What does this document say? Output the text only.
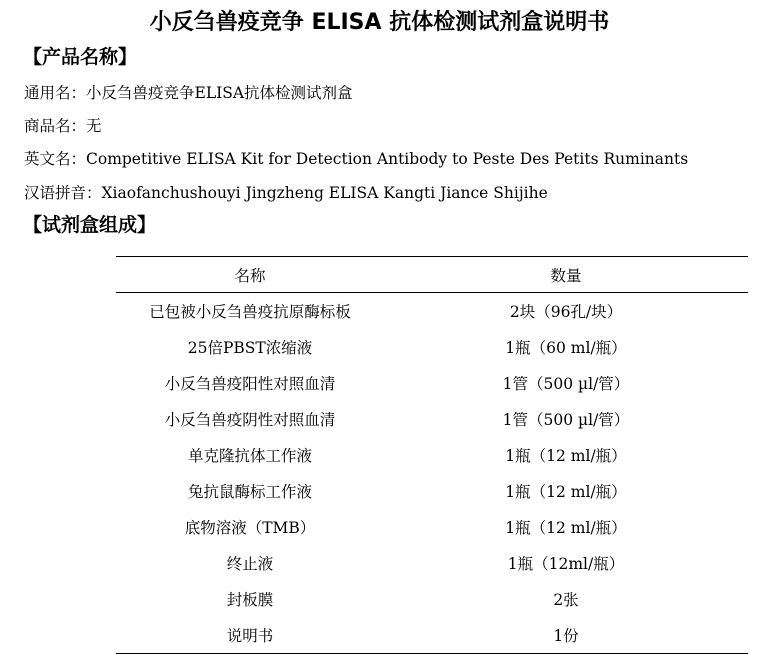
小反刍兽疫竞争 ELISA 抗体检测试剂盒说明书
【产品名称】
通用名：小反刍兽疫竞争ELISA抗体检测试剂盒
商品名：无
英文名：Competitive ELISA Kit for Detection Antibody to Peste Des Petits Ruminants
汉语拼音：Xiaofanchushouyi Jingzheng ELISA Kangti Jiance Shijihe
【试剂盒组成】
名称	数量
已包被小反刍兽疫抗原酶标板	2块（96孔/块）
25倍PBST浓缩液	1瓶（60 ml/瓶）
小反刍兽疫阳性对照血清	1管（500 µl/管）
小反刍兽疫阴性对照血清	1管（500 µl/管）
单克隆抗体工作液	1瓶（12 ml/瓶）
兔抗鼠酶标工作液	1瓶（12 ml/瓶）
底物溶液（TMB）	1瓶（12 ml/瓶）
终止液	1瓶（12ml/瓶）
封板膜	2张
说明书	1份
